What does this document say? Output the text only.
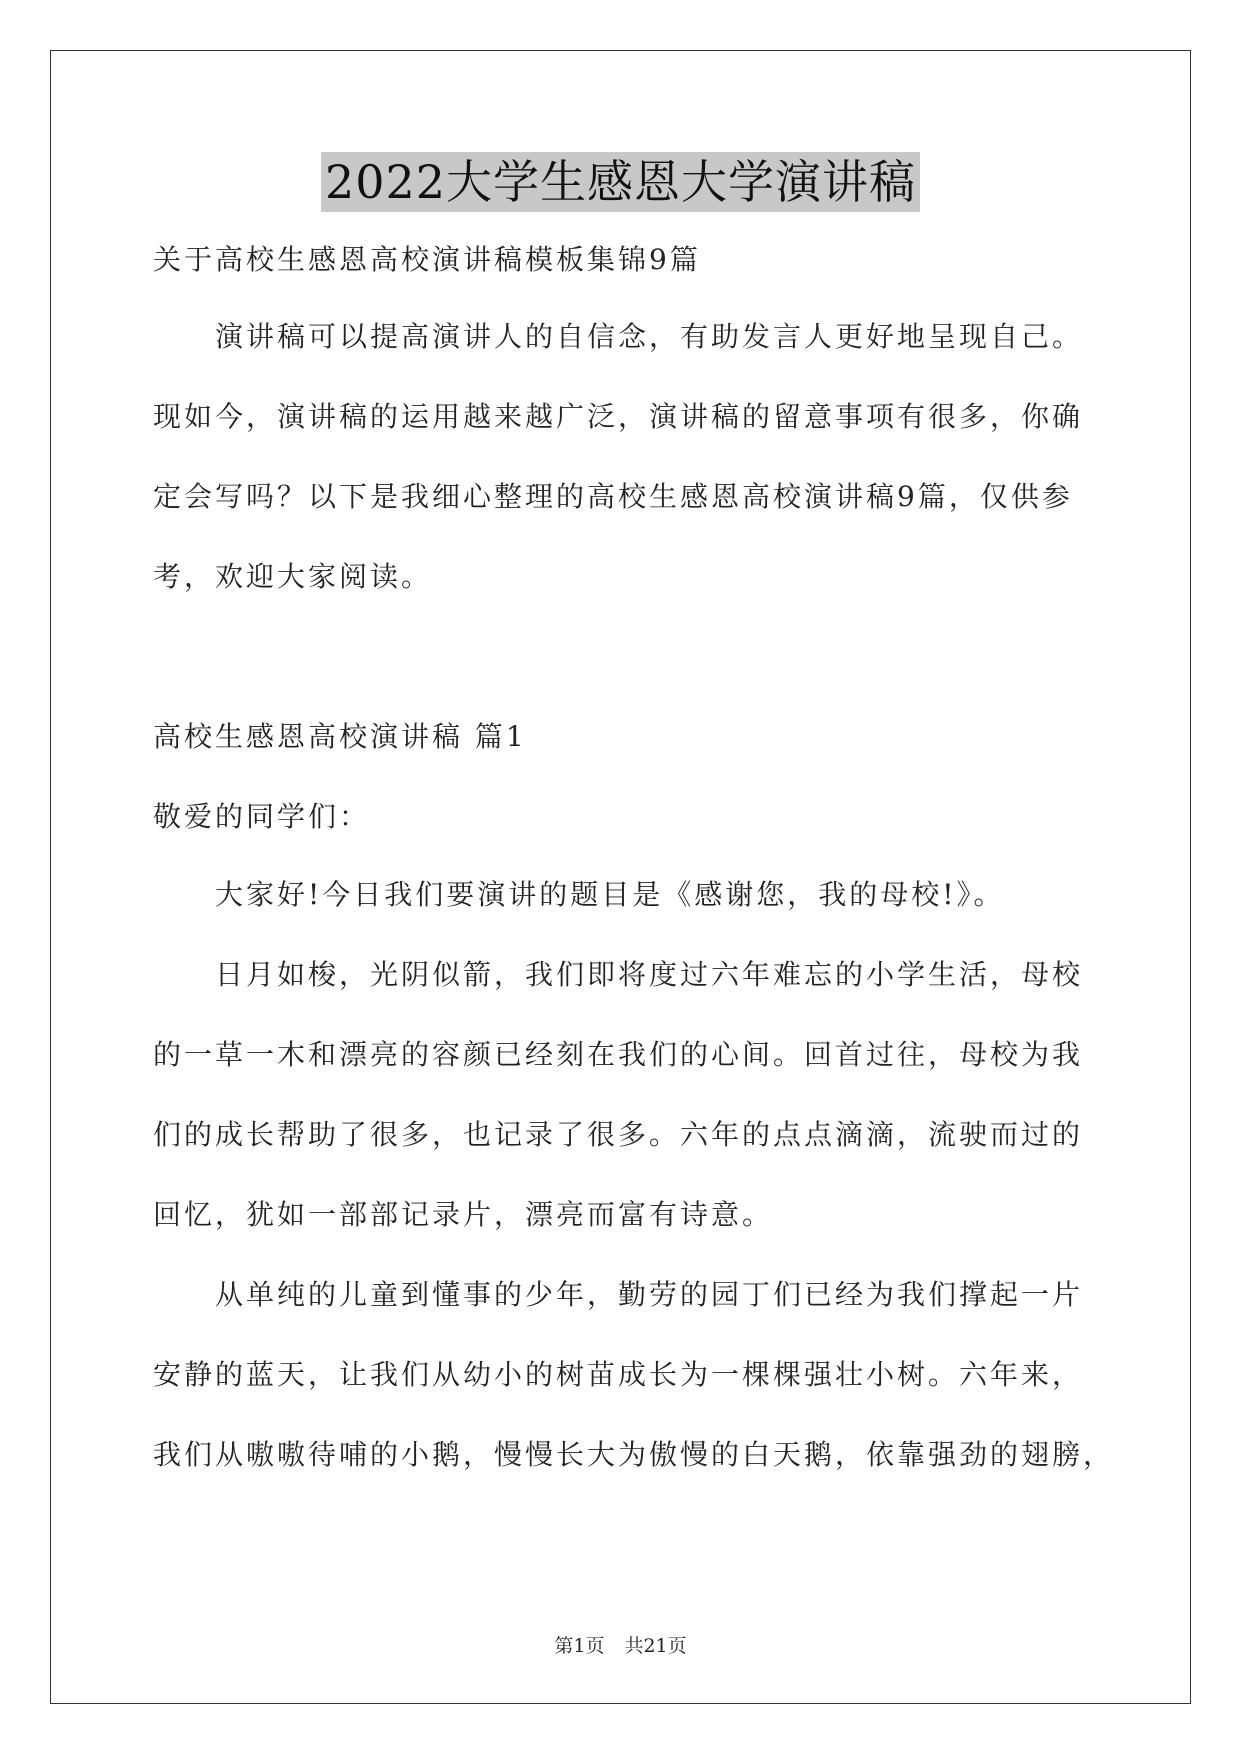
2022大学生感恩大学演讲稿

关于高校生感恩高校演讲稿模板集锦9篇

演讲稿可以提高演讲人的自信念，有助发言人更好地呈现自己。

现如今，演讲稿的运用越来越广泛，演讲稿的留意事项有很多，你确

定会写吗？以下是我细心整理的高校生感恩高校演讲稿9篇，仅供参

考，欢迎大家阅读。

高校生感恩高校演讲稿 篇1

敬爱的同学们：

大家好!今日我们要演讲的题目是《感谢您，我的母校!》。

日月如梭，光阴似箭，我们即将度过六年难忘的小学生活，母校

的一草一木和漂亮的容颜已经刻在我们的心间。回首过往，母校为我

们的成长帮助了很多，也记录了很多。六年的点点滴滴，流驶而过的

回忆，犹如一部部记录片，漂亮而富有诗意。

从单纯的儿童到懂事的少年，勤劳的园丁们已经为我们撑起一片

安静的蓝天，让我们从幼小的树苗成长为一棵棵强壮小树。六年来，

我们从嗷嗷待哺的小鹅，慢慢长大为傲慢的白天鹅，依靠强劲的翅膀，

第1页 共21页
